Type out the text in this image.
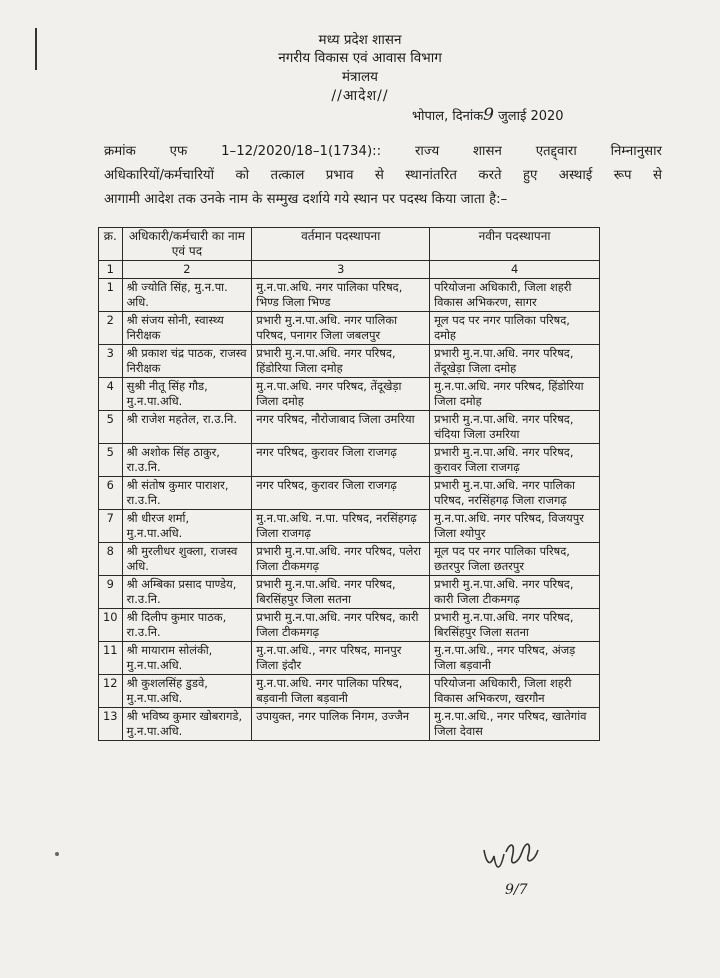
मध्य प्रदेश शासन
नगरीय विकास एवं आवास विभाग
मंत्रालय
//आदेश//
भोपाल, दिनांक9 जुलाई 2020

क्रमांक एफ 1–12/2020/18–1(1734):: राज्य शासन एतद्द्वारा निम्नानुसार

अधिकारियों/कर्मचारियों को तत्काल प्रभाव से स्थानांतरित करते हुए अस्थाई रूप से

आगामी आदेश तक उनके नाम के सम्मुख दर्शाये गये स्थान पर पदस्थ किया जाता है:–

क्र.	अधिकारी/कर्मचारी का नाम एवं पद	वर्तमान पदस्थापना	नवीन पदस्थापना
1	2	3	4
1	श्री ज्योति सिंह, मु.न.पा. अधि.	मु.न.पा.अधि. नगर पालिका परिषद, भिण्ड जिला भिण्ड	परियोजना अधिकारी, जिला शहरी विकास अभिकरण, सागर
2	श्री संजय सोनी, स्वास्थ्य निरीक्षक	प्रभारी मु.न.पा.अधि. नगर पालिका परिषद, पनागर जिला जबलपुर	मूल पद पर नगर पालिका परिषद, दमोह
3	श्री प्रकाश चंद्र पाठक, राजस्व निरीक्षक	प्रभारी मु.न.पा.अधि. नगर परिषद, हिंडोरिया जिला दमोह	प्रभारी मु.न.पा.अधि. नगर परिषद, तेंदूखेड़ा जिला दमोह
4	सुश्री नीतू सिंह गौड, मु.न.पा.अधि.	मु.न.पा.अधि. नगर परिषद, तेंदूखेड़ा जिला दमोह	मु.न.पा.अधि. नगर परिषद, हिंडोरिया जिला दमोह
5	श्री राजेश महतेल, रा.उ.नि.	नगर परिषद, नौरोजाबाद जिला उमरिया	प्रभारी मु.न.पा.अधि. नगर परिषद, चंदिया जिला उमरिया
5	श्री अशोक सिंह ठाकुर, रा.उ.नि.	नगर परिषद, कुरावर जिला राजगढ़	प्रभारी मु.न.पा.अधि. नगर परिषद, कुरावर जिला राजगढ़
6	श्री संतोष कुमार पाराशर, रा.उ.नि.	नगर परिषद, कुरावर जिला राजगढ़	प्रभारी मु.न.पा.अधि. नगर पालिका परिषद, नरसिंहगढ़ जिला राजगढ़
7	श्री धीरज शर्मा, मु.न.पा.अधि.	मु.न.पा.अधि. न.पा. परिषद, नरसिंहगढ़ जिला राजगढ़	मु.न.पा.अधि. नगर परिषद, विजयपुर जिला श्योपुर
8	श्री मुरलीधर शुक्ला, राजस्व अधि.	प्रभारी मु.न.पा.अधि. नगर परिषद, पलेरा जिला टीकमगढ़	मूल पद पर नगर पालिका परिषद, छतरपुर जिला छतरपुर
9	श्री अम्बिका प्रसाद पाण्डेय, रा.उ.नि.	प्रभारी मु.न.पा.अधि. नगर परिषद, बिरसिंहपुर जिला सतना	प्रभारी मु.न.पा.अधि. नगर परिषद, कारी जिला टीकमगढ़
10	श्री दिलीप कुमार पाठक, रा.उ.नि.	प्रभारी मु.न.पा.अधि. नगर परिषद, कारी जिला टीकमगढ़	प्रभारी मु.न.पा.अधि. नगर परिषद, बिरसिंहपुर जिला सतना
11	श्री मायाराम सोलंकी, मु.न.पा.अधि.	मु.न.पा.अधि., नगर परिषद, मानपुर जिला इंदौर	मु.न.पा.अधि., नगर परिषद, अंजड़ जिला बड़वानी
12	श्री कुशलसिंह डुडवे, मु.न.पा.अधि.	मु.न.पा.अधि. नगर पालिका परिषद, बड़वानी जिला बड़वानी	परियोजना अधिकारी, जिला शहरी विकास अभिकरण, खरगौन
13	श्री भविष्य कुमार खोबरागडे, मु.न.पा.अधि.	उपायुक्त, नगर पालिक निगम, उज्जैन	मु.न.पा.अधि., नगर परिषद, खातेगांव जिला देवास
9/7
